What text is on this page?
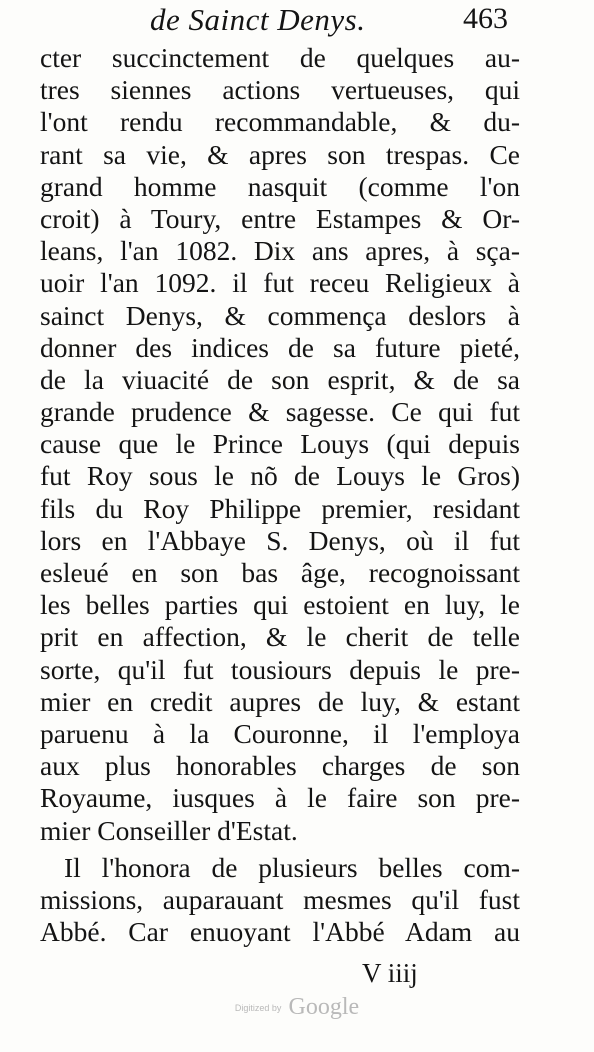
de Sainct Denys.	463
cter succinctement de quelques au-
tres siennes actions vertueuses, qui
l'ont rendu recommandable, & du-
rant sa vie, & apres son trespas. Ce
grand homme nasquit (comme l'on
croit) à Toury, entre Estampes & Or-
leans, l'an 1082. Dix ans apres, à sça-
uoir l'an 1092. il fut receu Religieux à
sainct Denys, & commença deslors à
donner des indices de sa future pieté,
de la viuacité de son esprit, & de sa
grande prudence & sagesse. Ce qui fut
cause que le Prince Louys (qui depuis
fut Roy sous le nõ de Louys le Gros)
fils du Roy Philippe premier, residant
lors en l'Abbaye S. Denys, où il fut
esleué en son bas âge, recognoissant
les belles parties qui estoient en luy, le
prit en affection, & le cherit de telle
sorte, qu'il fut tousiours depuis le pre-
mier en credit aupres de luy, & estant
paruenu à la Couronne, il l'employa
aux plus honorables charges de son
Royaume, iusques à le faire son pre-
mier Conseiller d'Estat.
Il l'honora de plusieurs belles com-
missions, auparauant mesmes qu'il fust
Abbé. Car enuoyant l'Abbé Adam au
V iiij
Digitized by Google
